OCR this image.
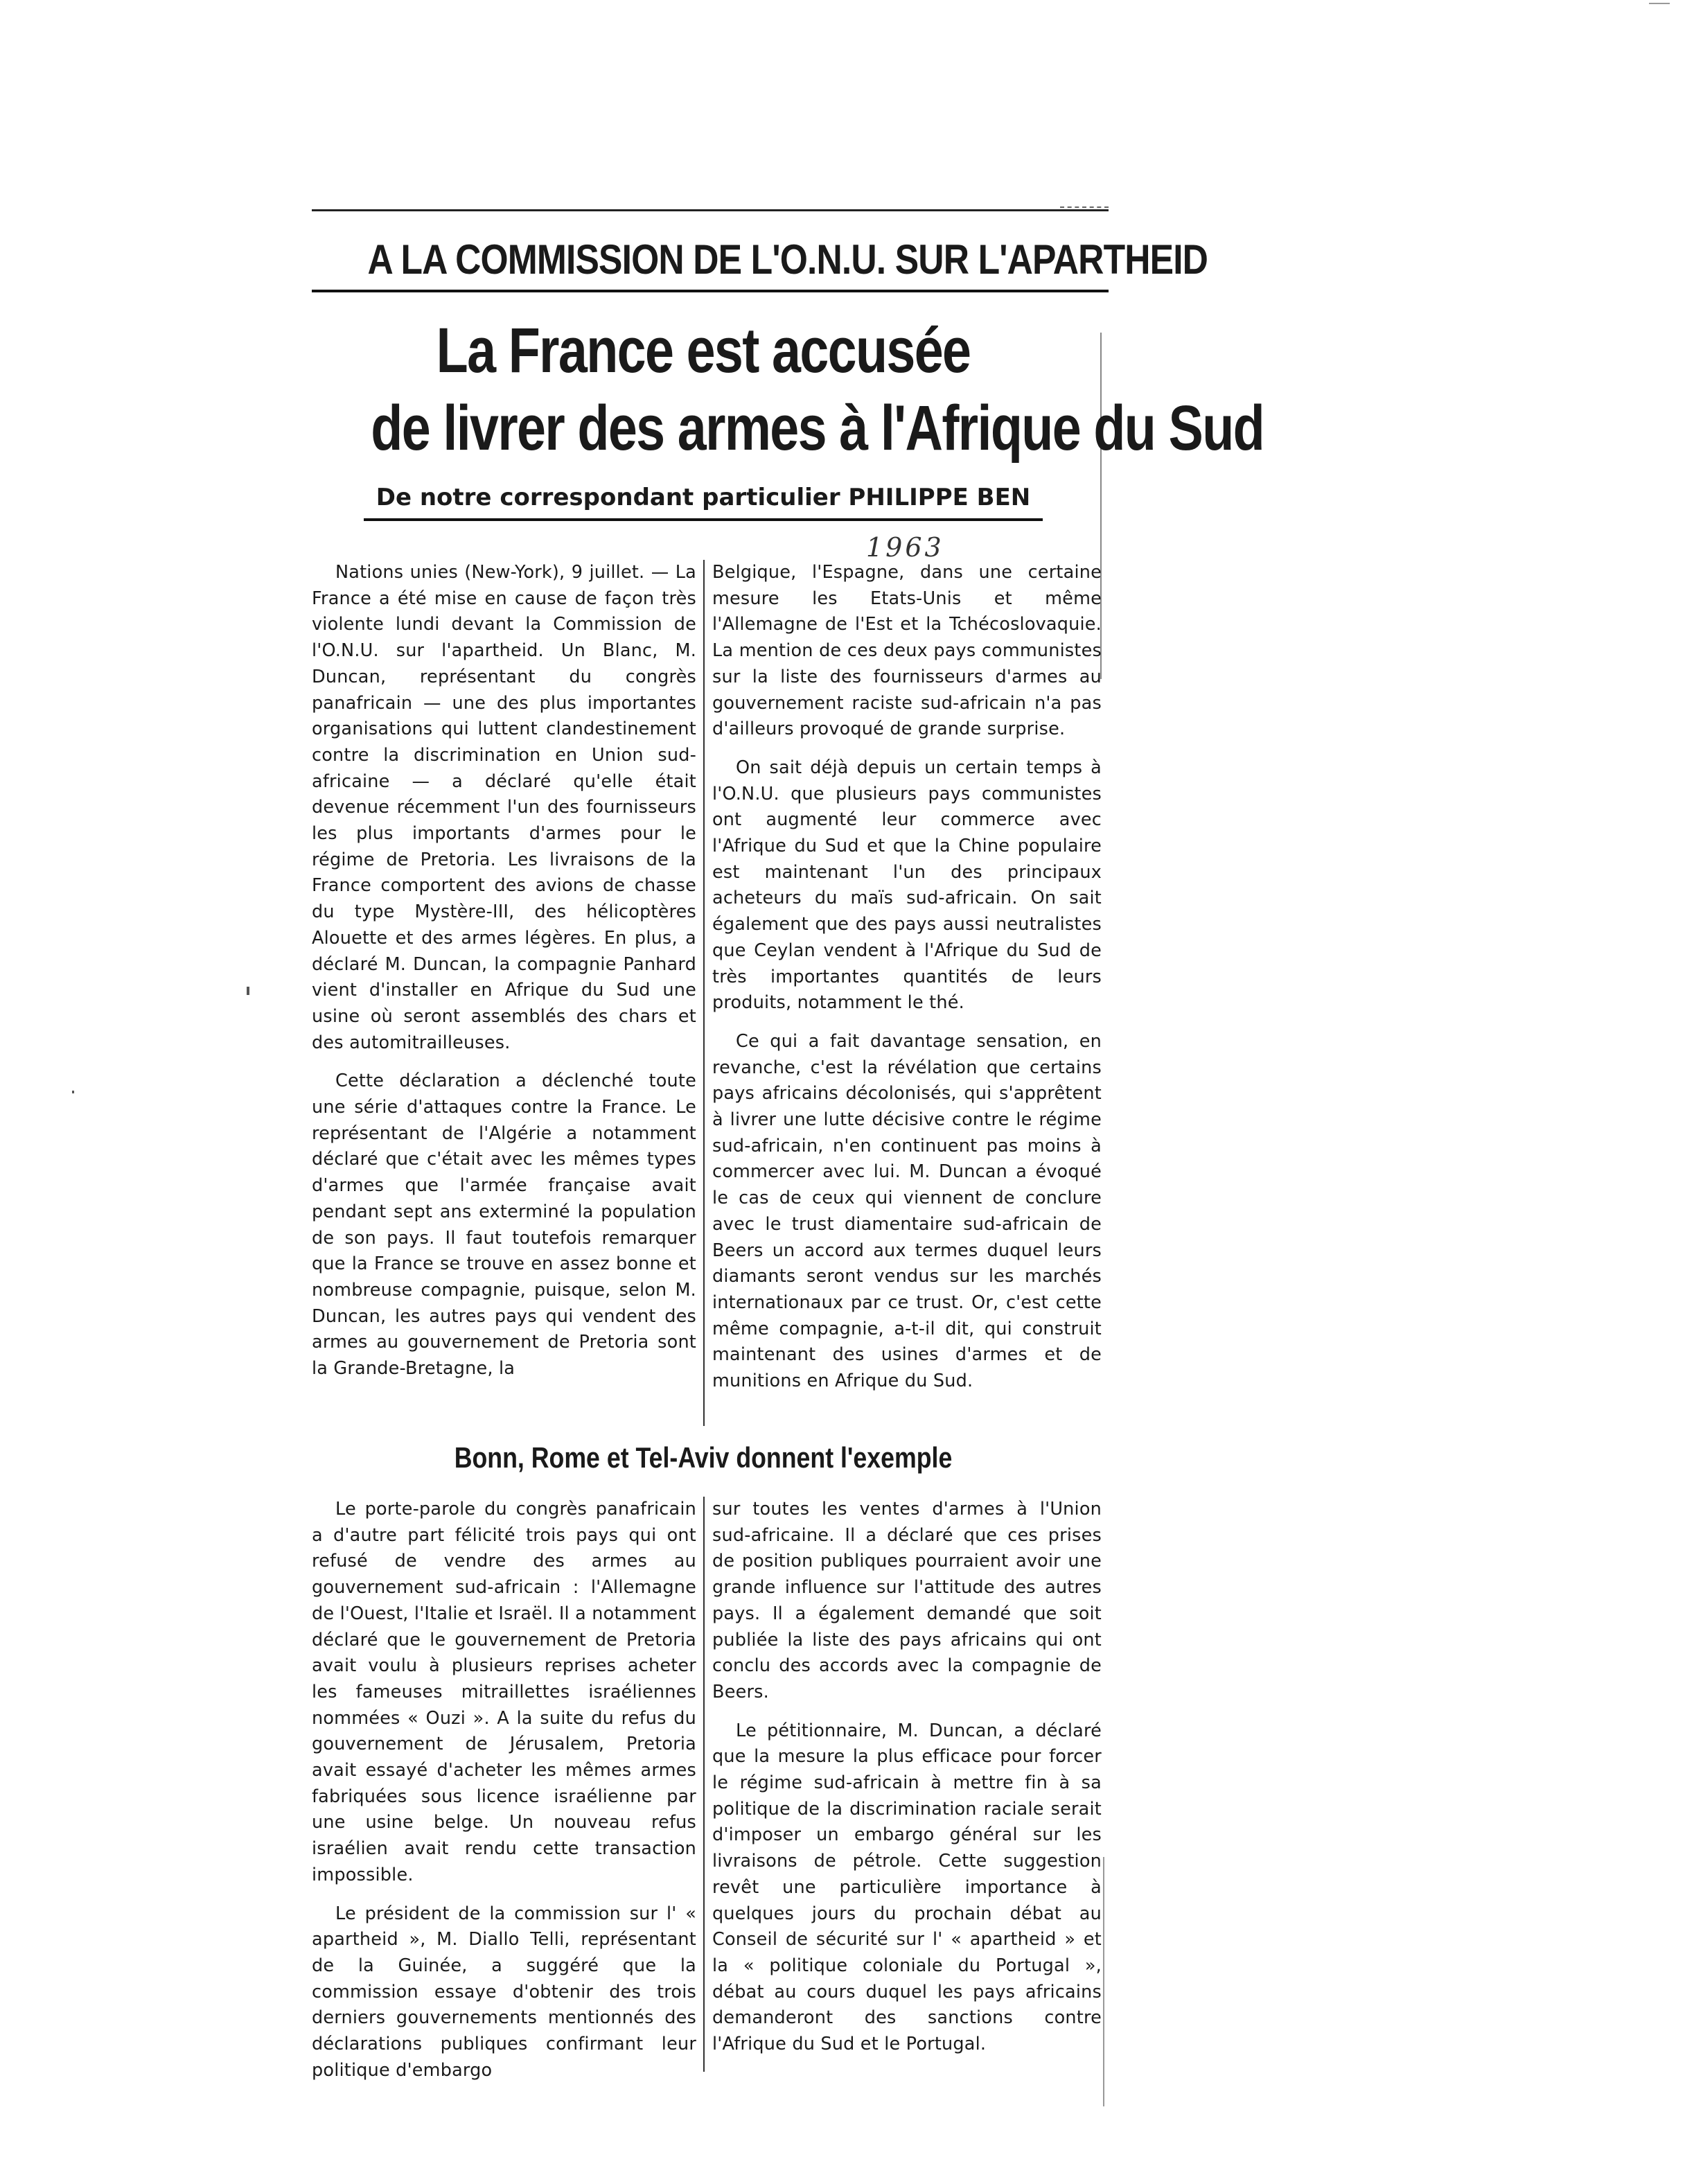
A LA COMMISSION DE L'O.N.U. SUR L'APARTHEID
La France est accusée
de livrer des armes à l'Afrique du Sud
De notre correspondant particulier PHILIPPE BEN
1963

Nations unies (New-York), 9 juillet. — La France a été mise en cause de façon très violente lundi devant la Commission de l'O.N.U. sur l'apartheid. Un Blanc, M. Duncan, représentant du congrès panafricain — une des plus importantes organisations qui luttent clandestinement contre la discrimination en Union sud-africaine — a déclaré qu'elle était devenue récemment l'un des fournisseurs les plus importants d'armes pour le régime de Pretoria. Les livraisons de la France comportent des avions de chasse du type Mystère-III, des hélicoptères Alouette et des armes légères. En plus, a déclaré M. Duncan, la compagnie Panhard vient d'installer en Afrique du Sud une usine où seront assemblés des chars et des automitrailleuses.

Cette déclaration a déclenché toute une série d'attaques contre la France. Le représentant de l'Algérie a notamment déclaré que c'était avec les mêmes types d'armes que l'armée française avait pendant sept ans exterminé la population de son pays. Il faut toutefois remarquer que la France se trouve en assez bonne et nombreuse compagnie, puisque, selon M. Duncan, les autres pays qui vendent des armes au gouvernement de Pretoria sont la Grande-Bretagne, la

Belgique, l'Espagne, dans une certaine mesure les Etats-Unis et même l'Allemagne de l'Est et la Tchécoslovaquie. La mention de ces deux pays communistes sur la liste des fournisseurs d'armes au gouvernement raciste sud-africain n'a pas d'ailleurs provoqué de grande surprise.

On sait déjà depuis un certain temps à l'O.N.U. que plusieurs pays communistes ont augmenté leur commerce avec l'Afrique du Sud et que la Chine populaire est maintenant l'un des principaux acheteurs du maïs sud-africain. On sait également que des pays aussi neutralistes que Ceylan vendent à l'Afrique du Sud de très importantes quantités de leurs produits, notamment le thé.

Ce qui a fait davantage sensation, en revanche, c'est la révélation que certains pays africains décolonisés, qui s'apprêtent à livrer une lutte décisive contre le régime sud-africain, n'en continuent pas moins à commercer avec lui. M. Duncan a évoqué le cas de ceux qui viennent de conclure avec le trust diamentaire sud-africain de Beers un accord aux termes duquel leurs diamants seront vendus sur les marchés internationaux par ce trust. Or, c'est cette même compagnie, a-t-il dit, qui construit maintenant des usines d'armes et de munitions en Afrique du Sud.

Bonn, Rome et Tel-Aviv donnent l'exemple

Le porte-parole du congrès panafricain a d'autre part félicité trois pays qui ont refusé de vendre des armes au gouvernement sud-africain : l'Allemagne de l'Ouest, l'Italie et Israël. Il a notamment déclaré que le gouvernement de Pretoria avait voulu à plusieurs reprises acheter les fameuses mitraillettes israéliennes nommées « Ouzi ». A la suite du refus du gouvernement de Jérusalem, Pretoria avait essayé d'acheter les mêmes armes fabriquées sous licence israélienne par une usine belge. Un nouveau refus israélien avait rendu cette transaction impossible.

Le président de la commission sur l' « apartheid », M. Diallo Telli, représentant de la Guinée, a suggéré que la commission essaye d'obtenir des trois derniers gouvernements mentionnés des déclarations publiques confirmant leur politique d'embargo

sur toutes les ventes d'armes à l'Union sud-africaine. Il a déclaré que ces prises de position publiques pourraient avoir une grande influence sur l'attitude des autres pays. Il a également demandé que soit publiée la liste des pays africains qui ont conclu des accords avec la compagnie de Beers.

Le pétitionnaire, M. Duncan, a déclaré que la mesure la plus efficace pour forcer le régime sud-africain à mettre fin à sa politique de la discrimination raciale serait d'imposer un embargo général sur les livraisons de pétrole. Cette suggestion revêt une particulière importance à quelques jours du prochain débat au Conseil de sécurité sur l' « apartheid » et la « politique coloniale du Portugal », débat au cours duquel les pays africains demanderont des sanctions contre l'Afrique du Sud et le Portugal.
